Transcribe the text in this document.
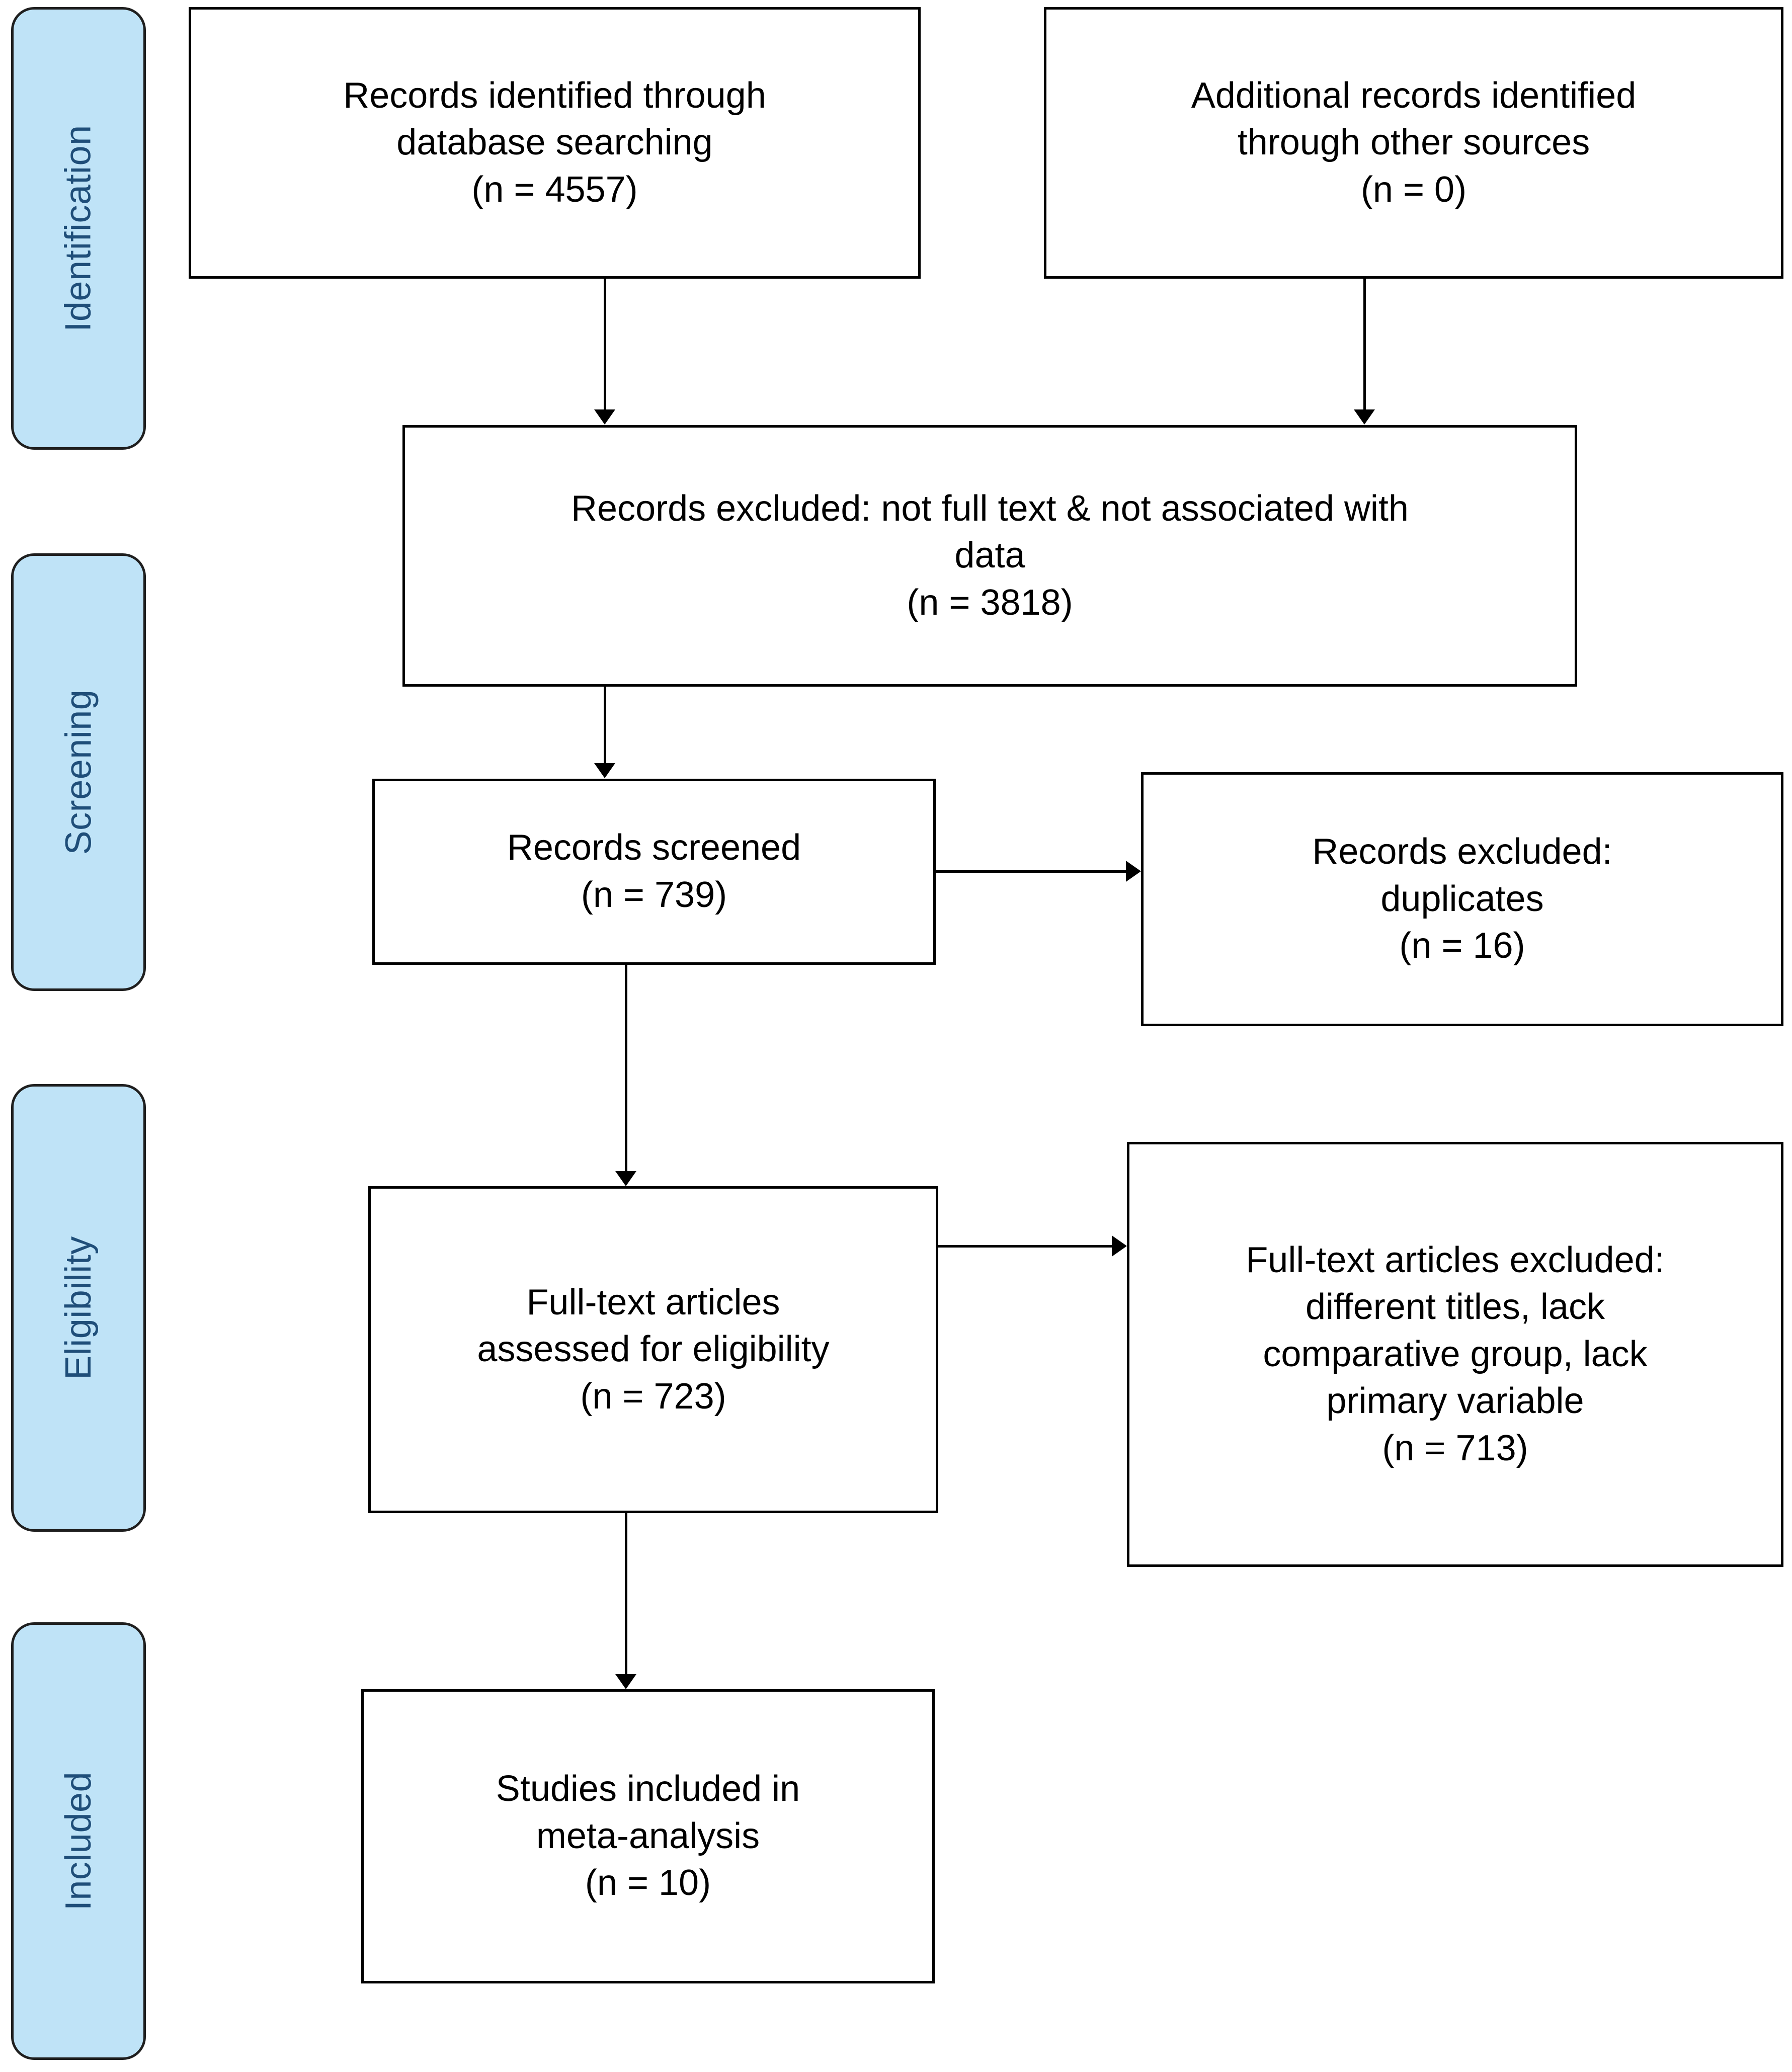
Identification
Screening
Eligibility
Included
Records identified through
database searching
(n = 4557)
Additional records identified
through other sources
(n = 0)
Records excluded: not full text & not associated with
data
(n = 3818)
Records screened
(n = 739)
Records excluded:
duplicates
(n = 16)
Full-text articles
assessed for eligibility
(n = 723)
Full-text articles excluded:
different titles, lack
comparative group, lack
primary variable
(n = 713)
Studies included in
meta-analysis
(n = 10)
